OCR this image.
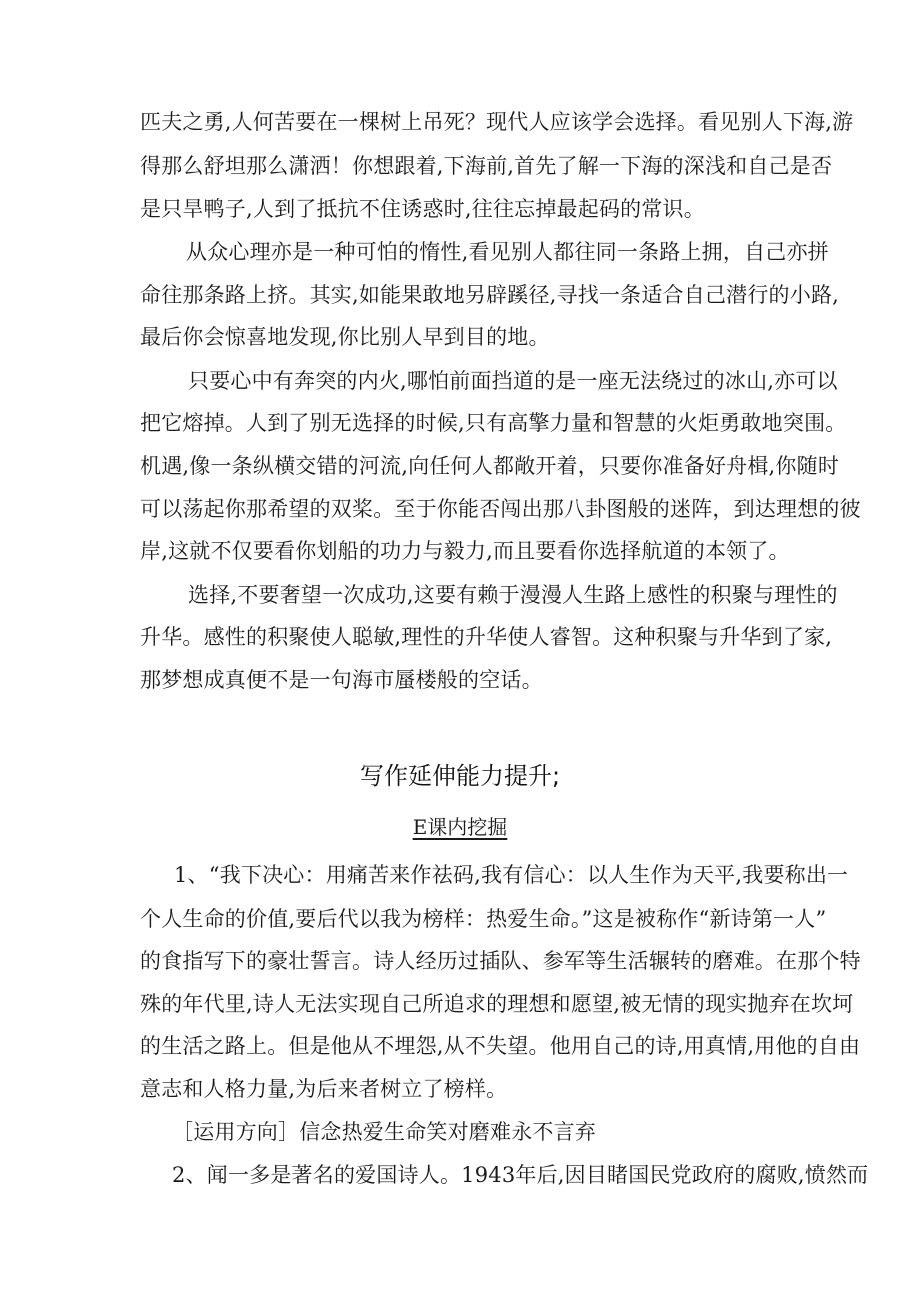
匹夫之勇,人何苦要在一棵树上吊死？现代人应该学会选择。看见别人下海,游
得那么舒坦那么潇洒！你想跟着,下海前,首先了解一下海的深浅和自己是否
是只旱鸭子,人到了抵抗不住诱惑时,往往忘掉最起码的常识。
从众心理亦是一种可怕的惰性,看见别人都往同一条路上拥，自己亦拼
命往那条路上挤。其实,如能果敢地另辟蹊径,寻找一条适合自己潜行的小路,
最后你会惊喜地发现,你比别人早到目的地。
只要心中有奔突的内火,哪怕前面挡道的是一座无法绕过的冰山,亦可以
把它熔掉。人到了别无选择的时候,只有高擎力量和智慧的火炬勇敢地突围。
机遇,像一条纵横交错的河流,向任何人都敞开着，只要你准备好舟楫,你随时
可以荡起你那希望的双桨。至于你能否闯出那八卦图般的迷阵，到达理想的彼
岸,这就不仅要看你划船的功力与毅力,而且要看你选择航道的本领了。
选择,不要奢望一次成功,这要有赖于漫漫人生路上感性的积聚与理性的
升华。感性的积聚使人聪敏,理性的升华使人睿智。这种积聚与升华到了家,
那梦想成真便不是一句海市蜃楼般的空话。
写作延伸能力提升;
E课内挖掘
1、“我下决心：用痛苦来作祛码,我有信心：以人生作为天平,我要称出一
个人生命的价值,要后代以我为榜样：热爱生命。”这是被称作“新诗第一人”
的食指写下的豪壮誓言。诗人经历过插队、参军等生活辗转的磨难。在那个特
殊的年代里,诗人无法实现自己所追求的理想和愿望,被无情的现实抛弃在坎坷
的生活之路上。但是他从不埋怨,从不失望。他用自己的诗,用真情,用他的自由
意志和人格力量,为后来者树立了榜样。
［运用方向］信念热爱生命笑对磨难永不言弃
2、闻一多是著名的爱国诗人。1943年后,因目睹国民党政府的腐败,愤然而
